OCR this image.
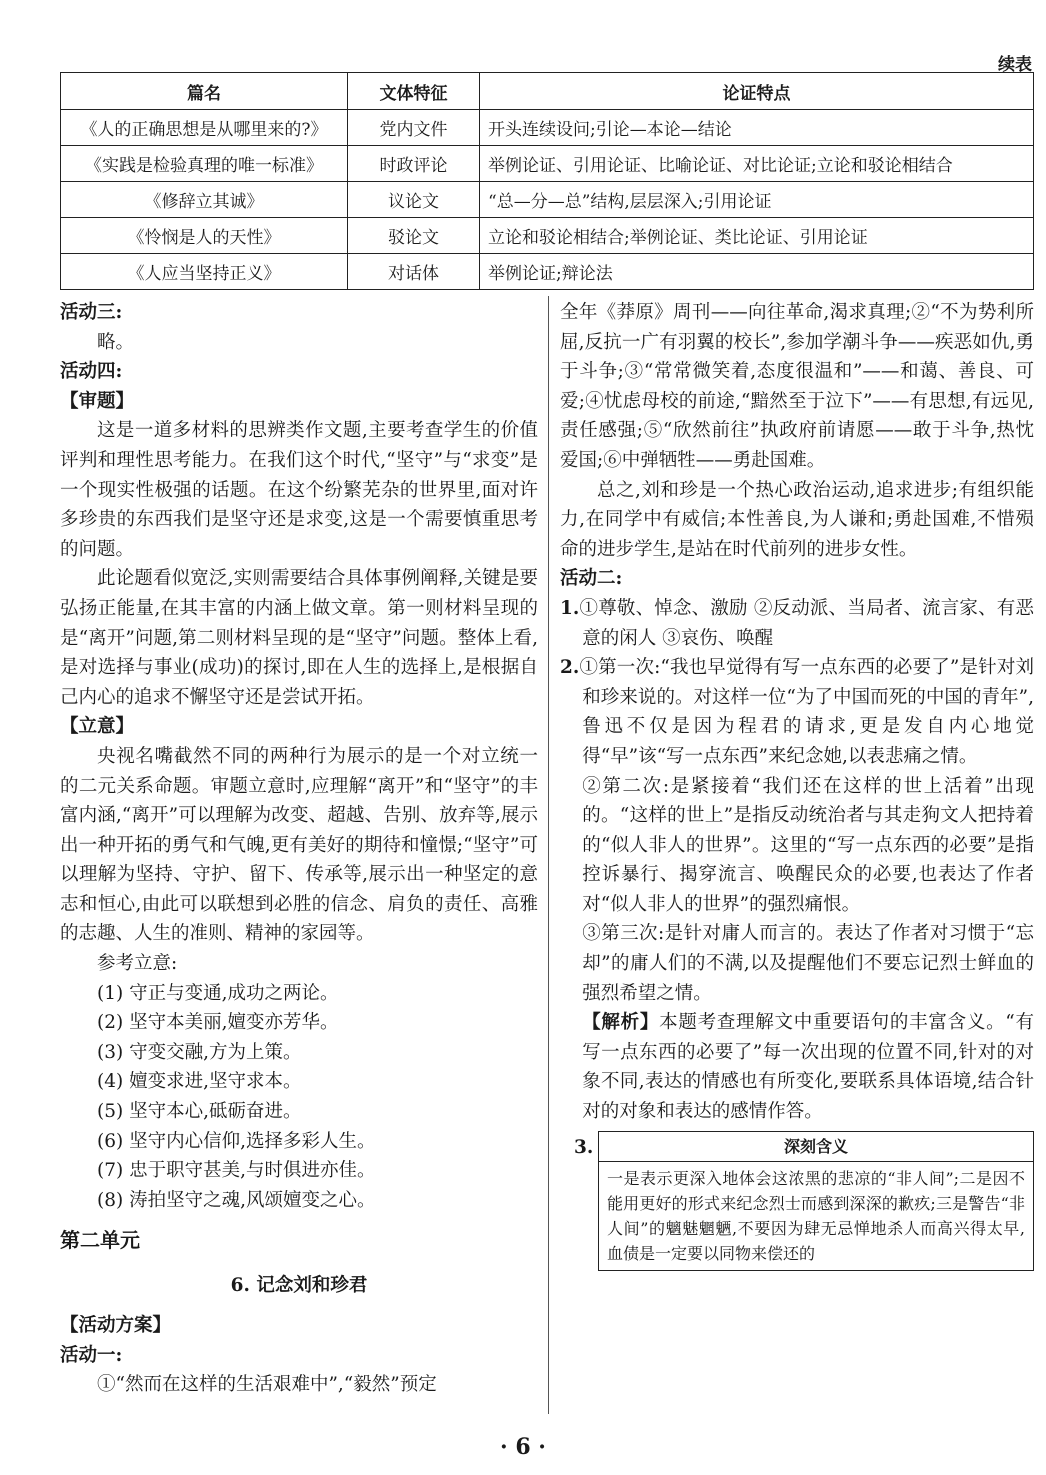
续表
篇名	文体特征	论证特点
《人的正确思想是从哪里来的?》	党内文件	开头连续设问;引论—本论—结论
《实践是检验真理的唯一标准》	时政评论	举例论证、引用论证、比喻论证、对比论证;立论和驳论相结合
《修辞立其诚》	议论文	“总—分—总”结构,层层深入;引用论证
《怜悯是人的天性》	驳论文	立论和驳论相结合;举例论证、类比论证、引用论证
《人应当坚持正义》	对话体	举例论证;辩论法

活动三:

略。

活动四:

【审题】

这是一道多材料的思辨类作文题,主要考查学生的价值评判和理性思考能力。在我们这个时代,“坚守”与“求变”是一个现实性极强的话题。在这个纷繁芜杂的世界里,面对许多珍贵的东西我们是坚守还是求变,这是一个需要慎重思考的问题。

此论题看似宽泛,实则需要结合具体事例阐释,关键是要弘扬正能量,在其丰富的内涵上做文章。第一则材料呈现的是“离开”问题,第二则材料呈现的是“坚守”问题。整体上看,是对选择与事业(成功)的探讨,即在人生的选择上,是根据自己内心的追求不懈坚守还是尝试开拓。

【立意】

央视名嘴截然不同的两种行为展示的是一个对立统一的二元关系命题。审题立意时,应理解“离开”和“坚守”的丰富内涵,“离开”可以理解为改变、超越、告别、放弃等,展示出一种开拓的勇气和气魄,更有美好的期待和憧憬;“坚守”可以理解为坚持、守护、留下、传承等,展示出一种坚定的意志和恒心,由此可以联想到必胜的信念、肩负的责任、高雅的志趣、人生的准则、精神的家园等。

参考立意:

(1) 守正与变通,成功之两论。

(2) 坚守本美丽,嬗变亦芳华。

(3) 守变交融,方为上策。

(4) 嬗变求进,坚守求本。

(5) 坚守本心,砥砺奋进。

(6) 坚守内心信仰,选择多彩人生。

(7) 忠于职守甚美,与时俱进亦佳。

(8) 涛拍坚守之魂,风颂嬗变之心。

第二单元

6. 记念刘和珍君

【活动方案】

活动一:

①“然而在这样的生活艰难中”,“毅然”预定

全年《莽原》周刊——向往革命,渴求真理;②“不为势利所屈,反抗一广有羽翼的校长”,参加学潮斗争——疾恶如仇,勇于斗争;③“常常微笑着,态度很温和”——和蔼、善良、可爱;④忧虑母校的前途,“黯然至于泣下”——有思想,有远见,责任感强;⑤“欣然前往”执政府前请愿——敢于斗争,热忱爱国;⑥中弹牺牲——勇赴国难。

总之,刘和珍是一个热心政治运动,追求进步;有组织能力,在同学中有威信;本性善良,为人谦和;勇赴国难,不惜殒命的进步学生,是站在时代前列的进步女性。

活动二:

1.①尊敬、悼念、激励 ②反动派、当局者、流言家、有恶意的闲人 ③哀伤、唤醒

2.①第一次:“我也早觉得有写一点东西的必要了”是针对刘和珍来说的。对这样一位“为了中国而死的中国的青年”,鲁迅不仅是因为程君的请求,更是发自内心地觉得“早”该“写一点东西”来纪念她,以表悲痛之情。

②第二次:是紧接着“我们还在这样的世上活着”出现的。“这样的世上”是指反动统治者与其走狗文人把持着的“似人非人的世界”。这里的“写一点东西的必要”是指控诉暴行、揭穿流言、唤醒民众的必要,也表达了作者对“似人非人的世界”的强烈痛恨。

③第三次:是针对庸人而言的。表达了作者对习惯于“忘却”的庸人们的不满,以及提醒他们不要忘记烈士鲜血的强烈希望之情。

【解析】本题考查理解文中重要语句的丰富含义。“有写一点东西的必要了”每一次出现的位置不同,针对的对象不同,表达的情感也有所变化,要联系具体语境,结合针对的对象和表达的感情作答。

3.	深刻含义
一是表示更深入地体会这浓黑的悲凉的“非人间”;二是因不能用更好的形式来纪念烈士而感到深深的歉疚;三是警告“非人间”的魑魅魍魉,不要因为肆无忌惮地杀人而高兴得太早,血债是一定要以同物来偿还的
· 6 ·
